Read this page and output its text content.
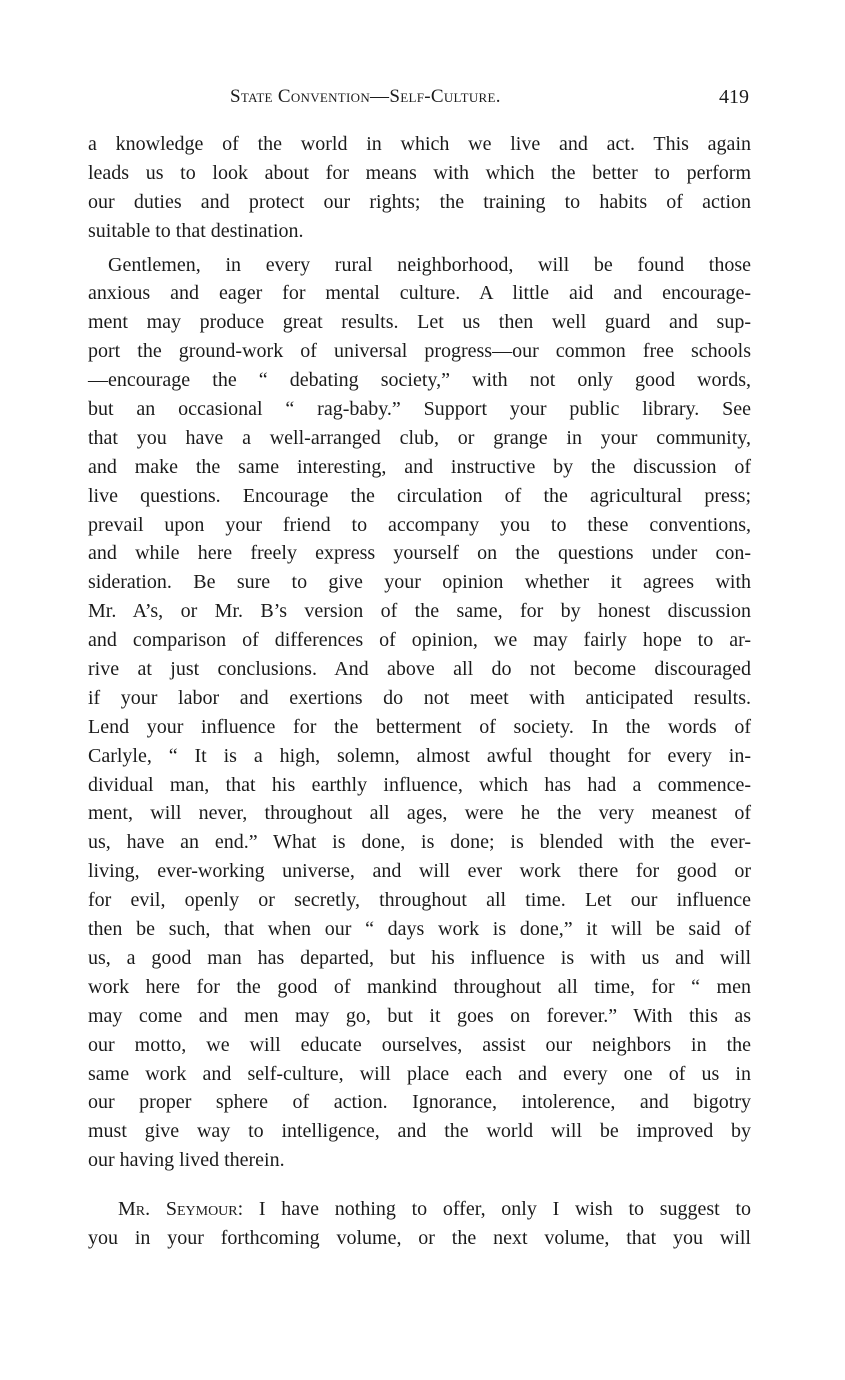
State Convention—Self-Culture.	419
a knowledge of the world in which we live and act. This again
leads us to look about for means with which the better to perform
our duties and protect our rights; the training to habits of action
suitable to that destination.
Gentlemen, in every rural neighborhood, will be found those
anxious and eager for mental culture. A little aid and encourage-
ment may produce great results. Let us then well guard and sup-
port the ground-work of universal progress—our common free schools
—encourage the “ debating society,” with not only good words,
but an occasional “ rag-baby.” Support your public library. See
that you have a well-arranged club, or grange in your community,
and make the same interesting, and instructive by the discussion of
live questions. Encourage the circulation of the agricultural press;
prevail upon your friend to accompany you to these conventions,
and while here freely express yourself on the questions under con-
sideration. Be sure to give your opinion whether it agrees with
Mr. A’s, or Mr. B’s version of the same, for by honest discussion
and comparison of differences of opinion, we may fairly hope to ar-
rive at just conclusions. And above all do not become discouraged
if your labor and exertions do not meet with anticipated results.
Lend your influence for the betterment of society. In the words of
Carlyle, “ It is a high, solemn, almost awful thought for every in-
dividual man, that his earthly influence, which has had a commence-
ment, will never, throughout all ages, were he the very meanest of
us, have an end.” What is done, is done; is blended with the ever-
living, ever-working universe, and will ever work there for good or
for evil, openly or secretly, throughout all time. Let our influence
then be such, that when our “ days work is done,” it will be said of
us, a good man has departed, but his influence is with us and will
work here for the good of mankind throughout all time, for “ men
may come and men may go, but it goes on forever.” With this as
our motto, we will educate ourselves, assist our neighbors in the
same work and self-culture, will place each and every one of us in
our proper sphere of action. Ignorance, intolerence, and bigotry
must give way to intelligence, and the world will be improved by
our having lived therein.
Mr. Seymour: I have nothing to offer, only I wish to suggest to
you in your forthcoming volume, or the next volume, that you will
